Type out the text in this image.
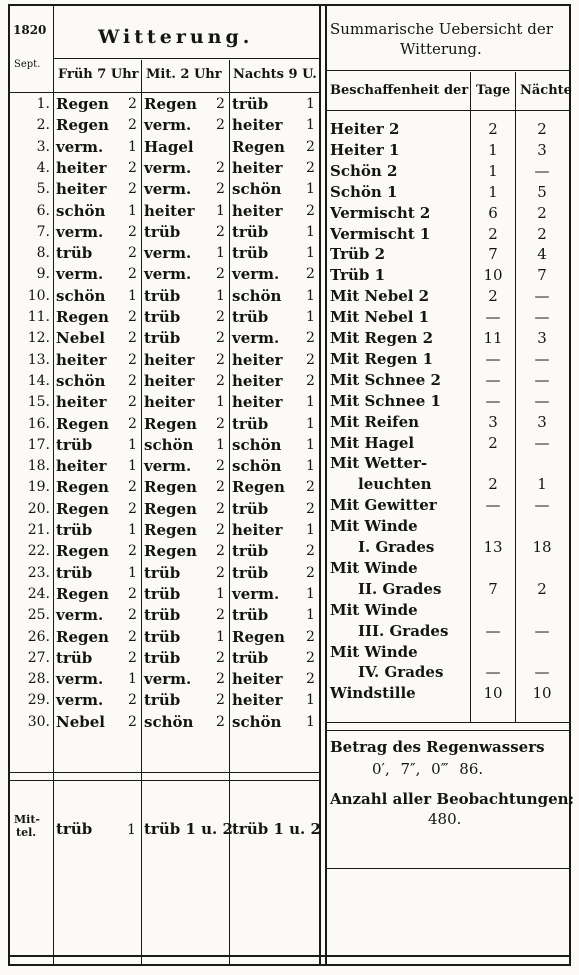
1820
Sept.
Witterung.
Früh 7 Uhr Mit. 2 Uhr Nachts 9 U.
Summarische Uebersicht der
Witterung.
Beschaffenheit der Tage Nächte
1. Regen 2 Regen 2 trüb	1
2. Regen 2 verm. 2 heiter 1
3. verm. 1 Hagel	Regen 2
4. heiter 2 verm. 2 heiter 2
5. heiter 2 verm. 2 schön 1
6. schön 1 heiter 1 heiter 2
7. verm. 2 trüb	2 trüb	1
8. trüb	2 verm. 1 trüb	1
9. verm. 2 verm. 2 verm. 2
10. schön 1 trüb	1 schön 1
11. Regen 2 trüb	2 trüb	1
12. Nebel 2 trüb	2 verm. 2
13. heiter 2 heiter 2 heiter 2
14. schön 2 heiter 2 heiter 2
15. heiter 2 heiter 1 heiter 1
16. Regen 2 Regen 2 trüb	1
17. trüb	1 schön 1 schön 1
18. heiter 1 verm. 2 schön 1
19. Regen 2 Regen 2 Regen 2
20. Regen 2 Regen 2 trüb	2
21. trüb	1 Regen 2 heiter 1
22. Regen 2 Regen 2 trüb	2
23. trüb	1 trüb	2 trüb	2
24. Regen 2 trüb	1 verm. 1
25. verm. 2 trüb	2 trüb	1
26. Regen 2 trüb	1 Regen 2
27. trüb	2 trüb	2 trüb	2
28. verm. 1 verm. 2 heiter 2
29. verm. 2 trüb	2 heiter 1
30. Nebel 2 schön 2 schön 1
Mit-
tel. trüb 1 trüb 1 u. 2 trüb 1 u. 2
Heiter 2	2	2
Heiter 1	1	3
Schön 2	1	—
Schön 1	1	5
Vermischt 2	6	2
Vermischt 1	2	2
Trüb 2	7	4
Trüb 1	10	7
Mit Nebel 2	2	—
Mit Nebel 1	—	—
Mit Regen 2	11	3
Mit Regen 1	—	—
Mit Schnee 2	—	—
Mit Schnee 1	—	—
Mit Reifen	3	3
Mit Hagel	2	—
Mit Wetter-
leuchten	2	1
Mit Gewitter	—	—
Mit Winde
I. Grades	13	18
Mit Winde
II. Grades	7	2
Mit Winde
III. Grades	—	—
Mit Winde
IV. Grades	—	—
Windstille	10	10
Betrag des Regenwassers
0′, 7″, 0‴ 86.
Anzahl aller Beobachtungen:
480.
